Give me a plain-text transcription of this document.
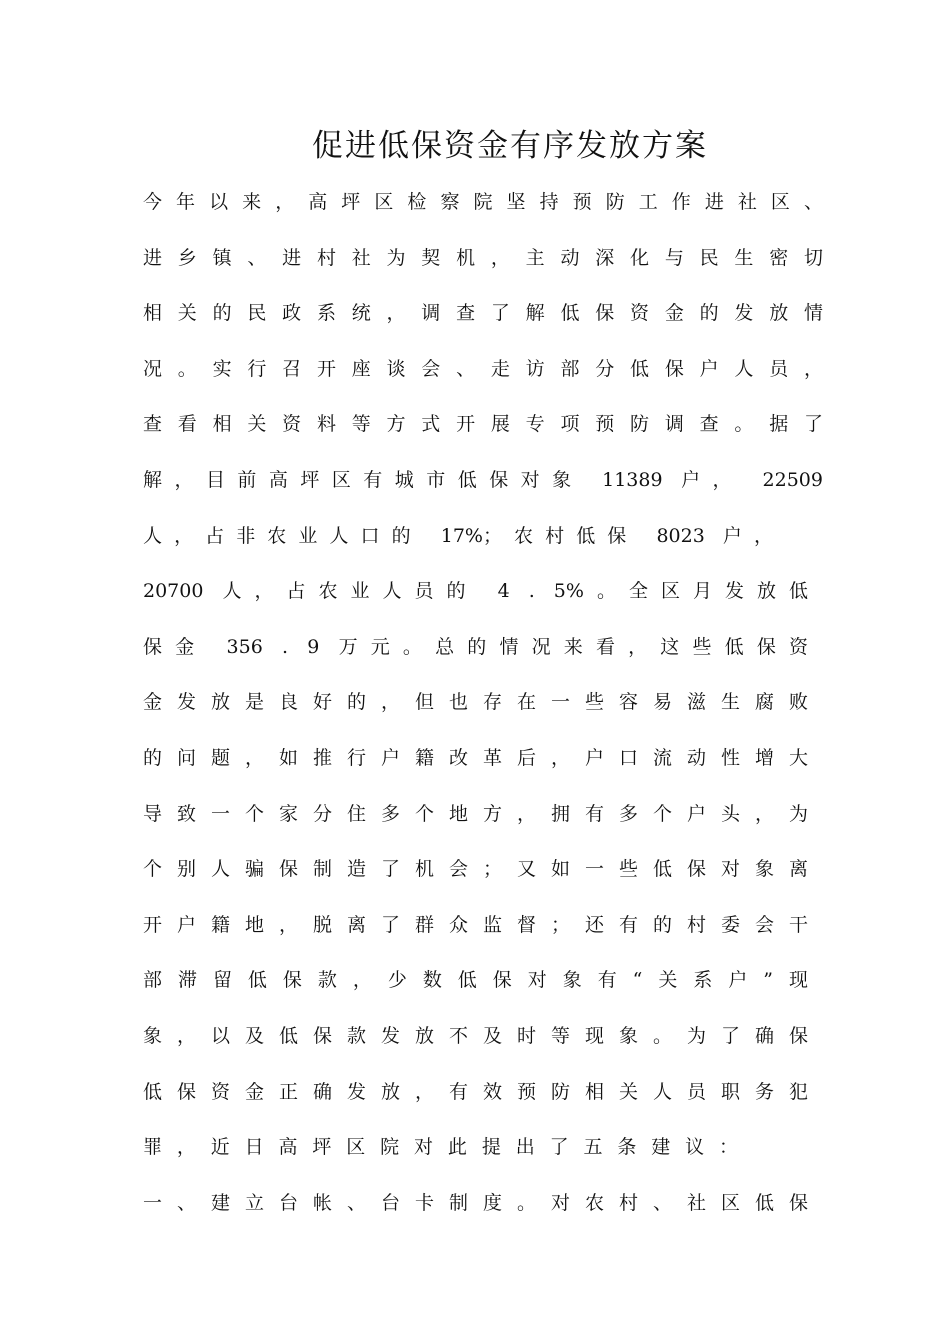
促进低保资金有序发放方案
今年以来，高坪区检察院坚持预防工作进社区、
进乡镇、进村社为契机，主动深化与民生密切
相关的民政系统，调查了解低保资金的发放情
况。实行召开座谈会、走访部分低保户人员，
查看相关资料等方式开展专项预防调查。据了
解，目前高坪区有城市低保对象 11389 户， 22509
人，占非农业人口的 17%；农村低保 8023 户，
20700 人，占农业人员的 4 . 5%。全区月发放低
保金 356 . 9 万元。总的情况来看，这些低保资
金发放是良好的，但也存在一些容易滋生腐败
的问题，如推行户籍改革后，户口流动性增大
导致一个家分住多个地方，拥有多个户头，为
个别人骗保制造了机会；又如一些低保对象离
开户籍地，脱离了群众监督；还有的村委会干
部滞留低保款，少数低保对象有“关系户”现
象，以及低保款发放不及时等现象。为了确保
低保资金正确发放，有效预防相关人员职务犯
罪，近日高坪区院对此提出了五条建议：
一、建立台帐、台卡制度。对农村、社区低保
